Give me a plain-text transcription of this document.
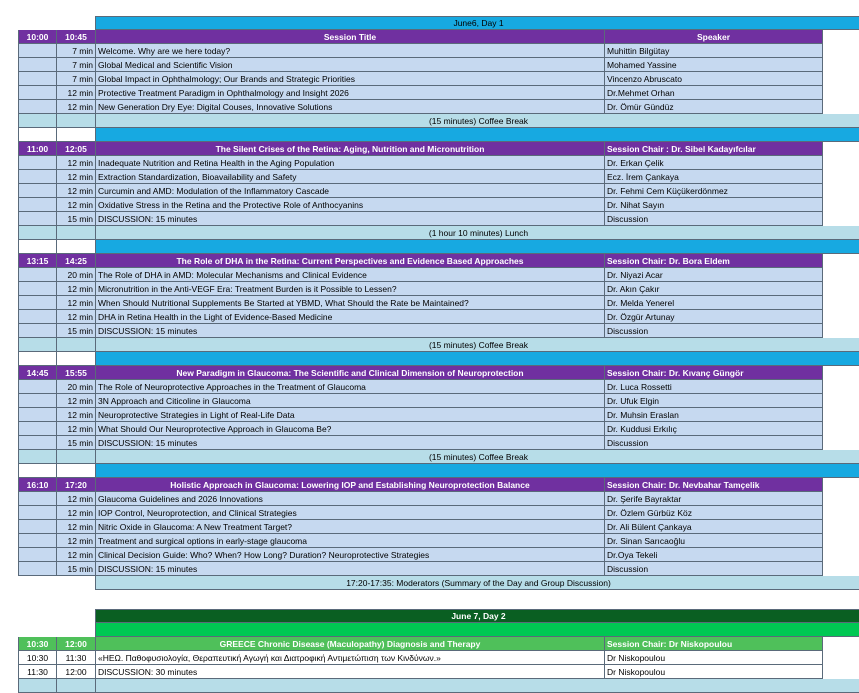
June6, Day 1
10:00	10:45	Session Title	Speaker
7 min Welcome. Why are we here today?	Muhittin Bilgütay
7 min Global Medical and Scientific Vision	Mohamed Yassine
7 min Global Impact in Ophthalmology; Our Brands and Strategic Priorities	Vincenzo Abruscato
12 min Protective Treatment Paradigm in Ophthalmology and Insight 2026	Dr.Mehmet Orhan
12 min New Generation Dry Eye: Digital Couses, Innovative Solutions	Dr. Ömür Gündüz
(15 minutes) Coffee Break
11:00	12:05	The Silent Crises of the Retina: Aging, Nutrition and Micronutrition	Session Chair : Dr. Sibel Kadayıfcılar
12 min Inadequate Nutrition and Retina Health in the Aging Population	Dr. Erkan Çelik
12 min Extraction Standardization, Bioavailability and Safety	Ecz. İrem Çankaya
12 min Curcumin and AMD: Modulation of the Inflammatory Cascade	Dr. Fehmi Cem Küçükerdönmez
12 min Oxidative Stress in the Retina and the Protective Role of Anthocyanins	Dr. Nihat Sayın
15 min DISCUSSION: 15 minutes	Discussion
(1 hour 10 minutes) Lunch
13:15	14:25	The Role of DHA in the Retina: Current Perspectives and Evidence Based Approaches	Session Chair: Dr. Bora Eldem
20 min The Role of DHA in AMD: Molecular Mechanisms and Clinical Evidence	Dr. Niyazi Acar
12 min Micronutrition in the Anti-VEGF Era: Treatment Burden is it Possible to Lessen?	Dr. Akın Çakır
12 min When Should Nutritional Supplements Be Started at YBMD, What Should the Rate be Maintained?	Dr. Melda Yenerel
12 min DHA in Retina Health in the Light of Evidence-Based Medicine	Dr. Özgür Artunay
15 min DISCUSSION: 15 minutes	Discussion
(15 minutes) Coffee Break
14:45	15:55	New Paradigm in Glaucoma: The Scientific and Clinical Dimension of Neuroprotection	Session Chair: Dr. Kıvanç Güngör
20 min The Role of Neuroprotective Approaches in the Treatment of Glaucoma	Dr. Luca Rossetti
12 min 3N Approach and Citicoline in Glaucoma	Dr. Ufuk Elgin
12 min Neuroprotective Strategies in Light of Real-Life Data	Dr. Muhsin Eraslan
12 min What Should Our Neuroprotective Approach in Glaucoma Be?	Dr. Kuddusi Erkılıç
15 min DISCUSSION: 15 minutes	Discussion
(15 minutes) Coffee Break
16:10	17:20	Holistic Approach in Glaucoma: Lowering IOP and Establishing Neuroprotection Balance	Session Chair: Dr. Nevbahar Tamçelik
12 min Glaucoma Guidelines and 2026 Innovations	Dr. Şerife Bayraktar
12 min IOP Control, Neuroprotection, and Clinical Strategies	Dr. Özlem Gürbüz Köz
12 min Nitric Oxide in Glaucoma: A New Treatment Target?	Dr. Ali Bülent Çankaya
12 min Treatment and surgical options in early-stage glaucoma	Dr. Sinan Sarıcaoğlu
12 min Clinical Decision Guide: Who? When? How Long? Duration? Neuroprotective Strategies	Dr.Oya Tekeli
15 min DISCUSSION: 15 minutes	Discussion
17:20-17:35: Moderators (Summary of the Day and Group Discussion)
June 7, Day 2
10:30	12:00	GREECE Chronic Disease (Maculopathy) Diagnosis and Therapy	Session Chair: Dr Niskopoulou
10:30	11:30	«ΗΕΩ. Παθοφυσιολογία, Θεραπευτική Αγωγή και Διατροφική Αντιμετώπιση των Κινδύνων.»	Dr Niskopoulou
11:30	12:00	DISCUSSION: 30 minutes	Dr Niskopoulou
